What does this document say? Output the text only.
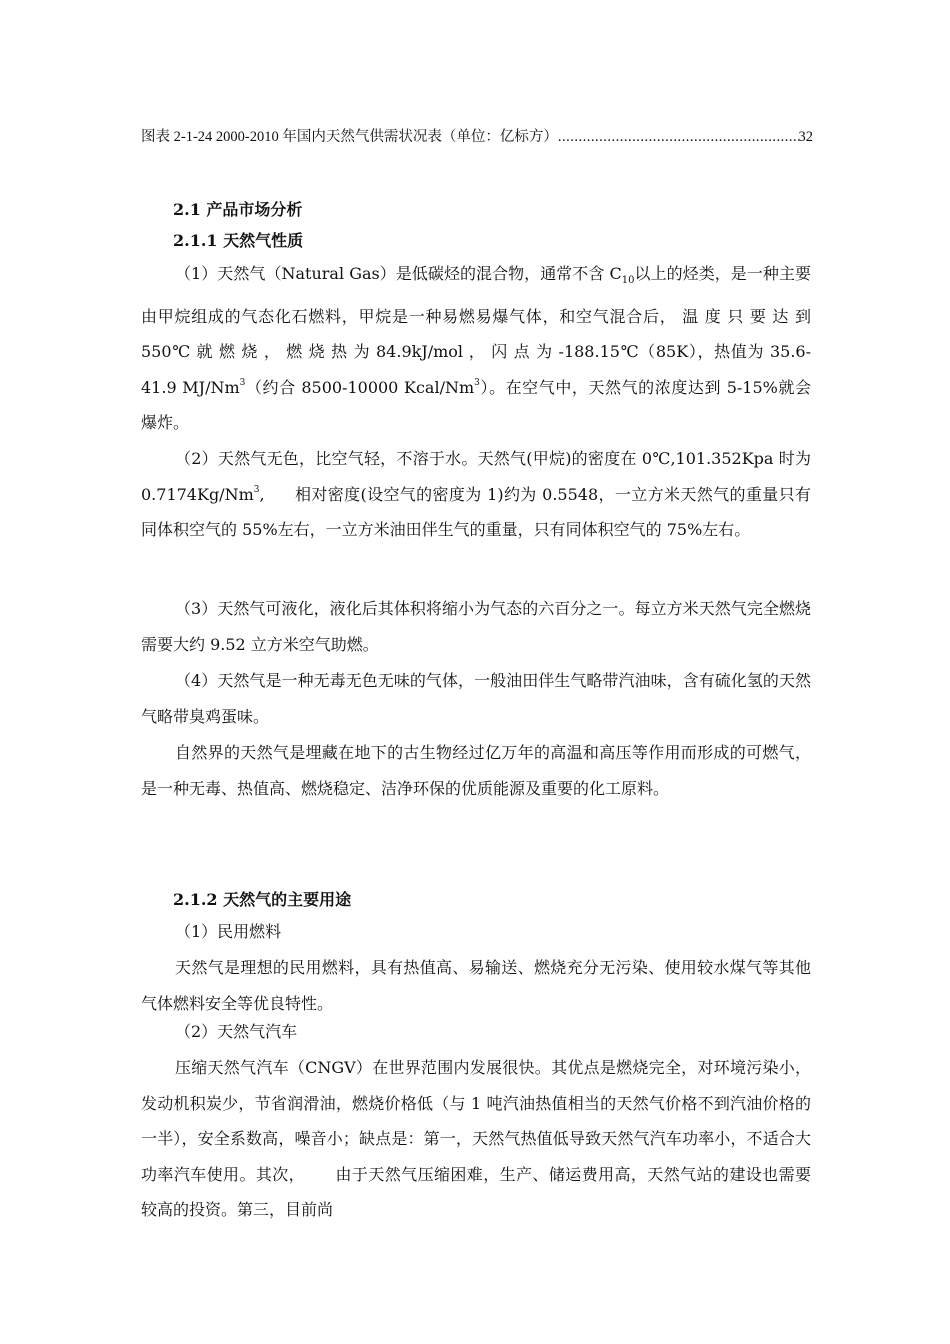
图表 2-1-24 2000-2010 年国内天然气供需状况表（单位：亿标方）
.....	32
2.1 产品市场分析
2.1.1 天然气性质
（1）天然气（Natural Gas）是低碳烃的混合物，通常不含 $C_{10}$以上的烃类，是一种主要由甲烷组成的气态化石燃料，甲烷是一种易燃易爆气体，和空气混合后， 温 度 只 要 达 到 550℃ 就 燃 烧 ， 燃 烧 热 为 84.9kJ/mol ， 闪 点 为 -188.15℃（85K），热值为 35.6-41.9 MJ/Nm$^3$（约合 8500-10000 Kcal/Nm$^3$）。在空气中，天然气的浓度达到 5-15%就会爆炸。
（2）天然气无色，比空气轻，不溶于水。天然气(甲烷)的密度在 0℃,101.352Kpa 时为 0.7174Kg/Nm$^3$, 相对密度(设空气的密度为 1)约为 0.5548，一立方米天然气的重量只有同体积空气的 55%左右，一立方米油田伴生气的重量，只有同体积空气的 75%左右。
（3）天然气可液化，液化后其体积将缩小为气态的六百分之一。每立方米天然气完全燃烧需要大约 9.52 立方米空气助燃。
（4）天然气是一种无毒无色无味的气体，一般油田伴生气略带汽油味，含有硫化氢的天然气略带臭鸡蛋味。
自然界的天然气是埋藏在地下的古生物经过亿万年的高温和高压等作用而形成的可燃气，是一种无毒、热值高、燃烧稳定、洁净环保的优质能源及重要的化工原料。
2.1.2 天然气的主要用途
（1）民用燃料
天然气是理想的民用燃料，具有热值高、易输送、燃烧充分无污染、使用较水煤气等其他气体燃料安全等优良特性。
（2）天然气汽车
压缩天然气汽车（CNGV）在世界范围内发展很快。其优点是燃烧完全，对环境污染小，发动机积炭少，节省润滑油，燃烧价格低（与 1 吨汽油热值相当的天然气价格不到汽油价格的一半），安全系数高，噪音小；缺点是：第一，天然气热值低导致天然气汽车功率小，不适合大功率汽车使用。其次， 由于天然气压缩困难，生产、储运费用高，天然气站的建设也需要较高的投资。第三，目前尚
